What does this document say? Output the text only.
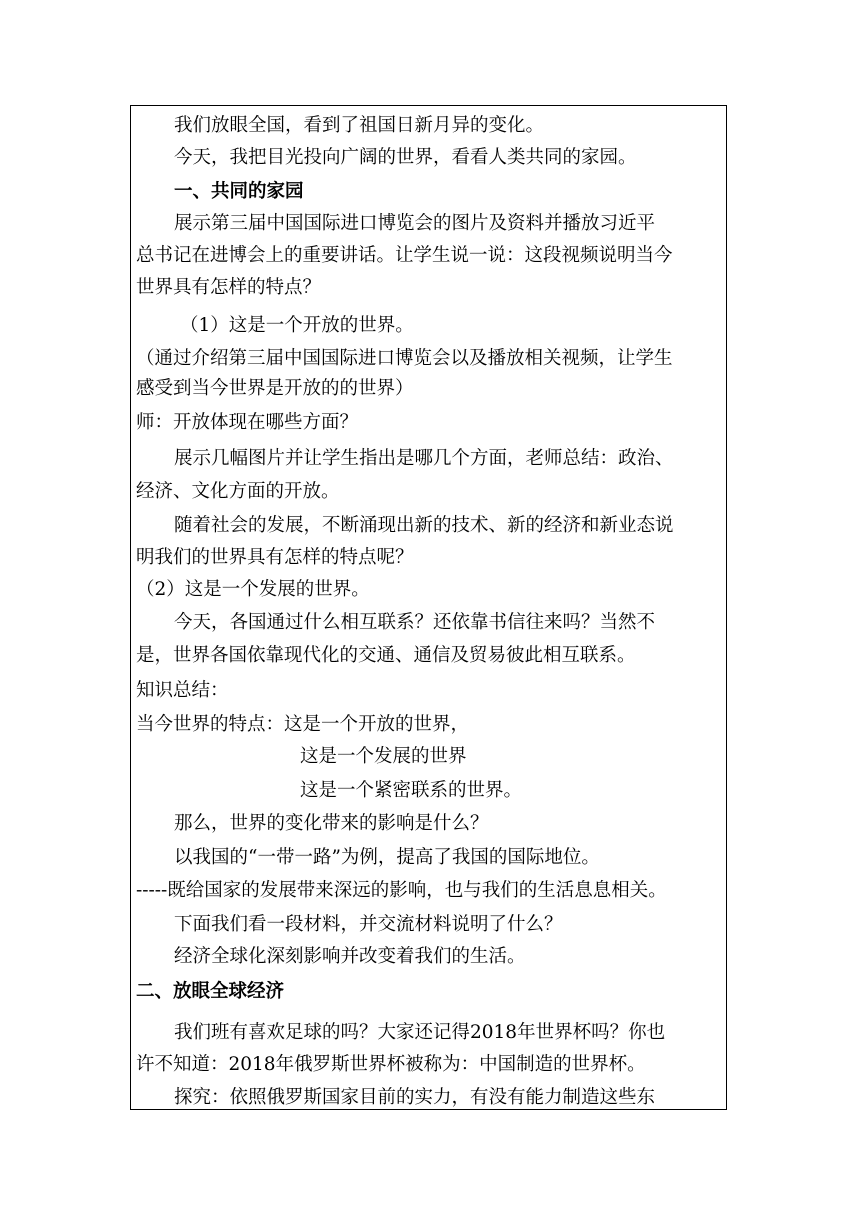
我们放眼全国，看到了祖国日新月异的变化。
今天，我把目光投向广阔的世界，看看人类共同的家园。
一、共同的家园
展示第三届中国国际进口博览会的图片及资料并播放习近平
总书记在进博会上的重要讲话。让学生说一说：这段视频说明当今
世界具有怎样的特点？
（1）这是一个开放的世界。
（通过介绍第三届中国国际进口博览会以及播放相关视频，让学生
感受到当今世界是开放的的世界）
师：开放体现在哪些方面？
展示几幅图片并让学生指出是哪几个方面，老师总结：政治、
经济、文化方面的开放。
随着社会的发展，不断涌现出新的技术、新的经济和新业态说
明我们的世界具有怎样的特点呢？
（2）这是一个发展的世界。
今天，各国通过什么相互联系？还依靠书信往来吗？当然不
是，世界各国依靠现代化的交通、通信及贸易彼此相互联系。
知识总结：
当今世界的特点：这是一个开放的世界，
这是一个发展的世界
这是一个紧密联系的世界。
那么，世界的变化带来的影响是什么？
以我国的“一带一路”为例，提高了我国的国际地位。
-----既给国家的发展带来深远的影响，也与我们的生活息息相关。
下面我们看一段材料，并交流材料说明了什么？
经济全球化深刻影响并改变着我们的生活。
二、放眼全球经济
我们班有喜欢足球的吗？大家还记得2018年世界杯吗？你也
许不知道：2018年俄罗斯世界杯被称为：中国制造的世界杯。
探究：依照俄罗斯国家目前的实力，有没有能力制造这些东
